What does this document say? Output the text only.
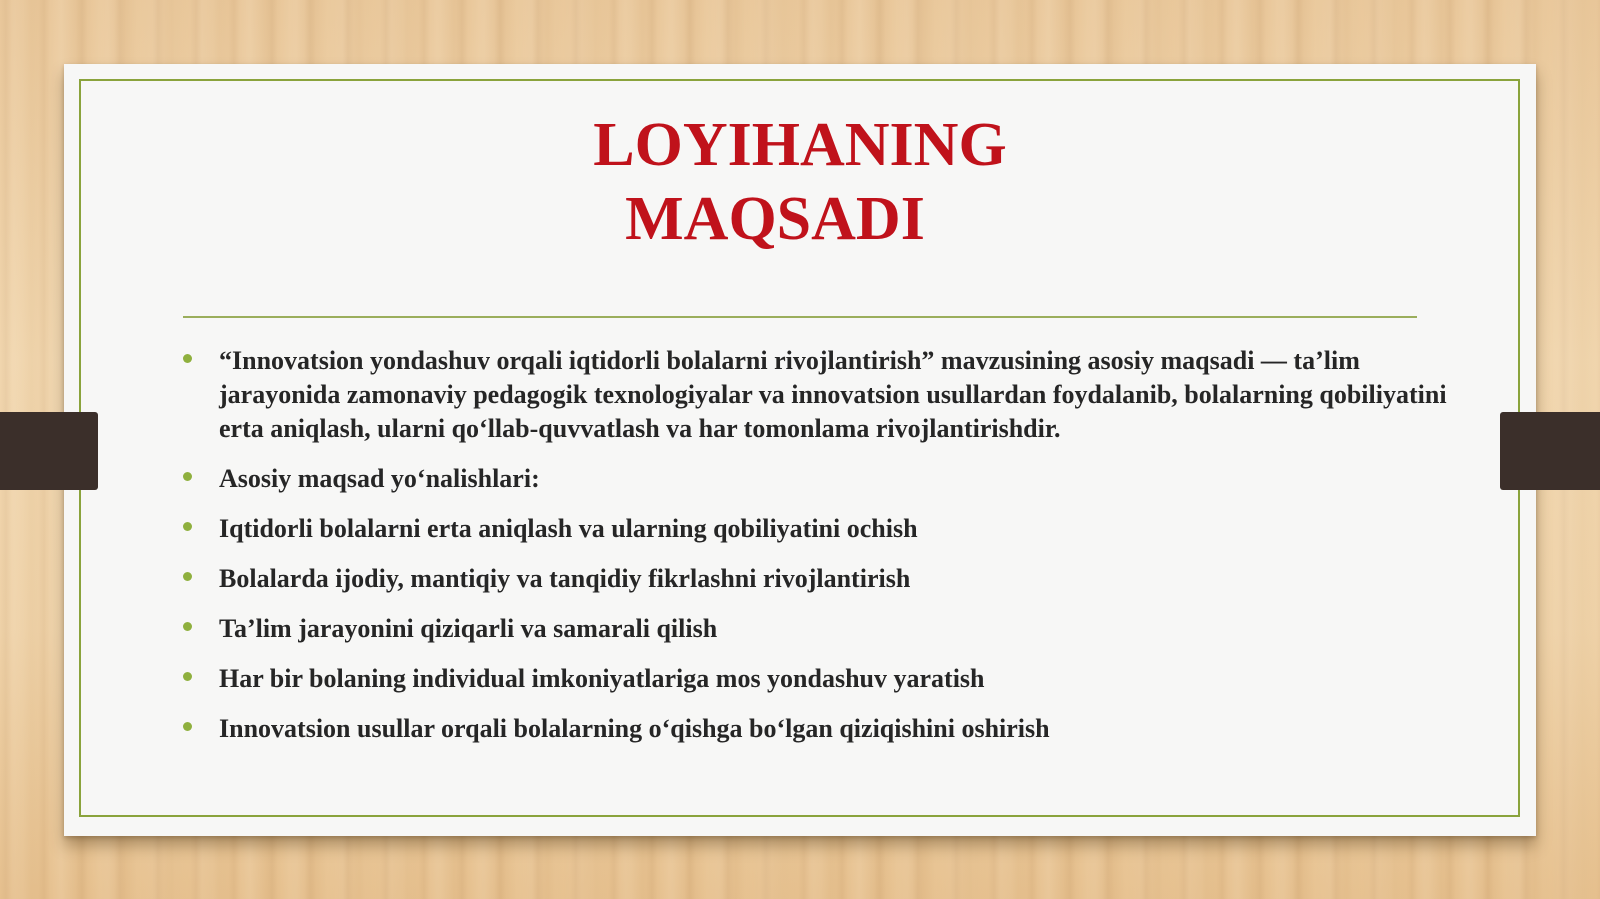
LOYIHANING
MAQSADI
“Innovatsion yondashuv orqali iqtidorli bolalarni rivojlantirish” mavzusining asosiy maqsadi — ta’lim jarayonida zamonaviy pedagogik texnologiyalar va innovatsion usullardan foydalanib, bolalarning qobiliyatini erta aniqlash, ularni qo‘llab-quvvatlash va har tomonlama rivojlantirishdir.
Asosiy maqsad yo‘nalishlari:
Iqtidorli bolalarni erta aniqlash va ularning qobiliyatini ochish
Bolalarda ijodiy, mantiqiy va tanqidiy fikrlashni rivojlantirish
Ta’lim jarayonini qiziqarli va samarali qilish
Har bir bolaning individual imkoniyatlariga mos yondashuv yaratish
Innovatsion usullar orqali bolalarning o‘qishga bo‘lgan qiziqishini oshirish
